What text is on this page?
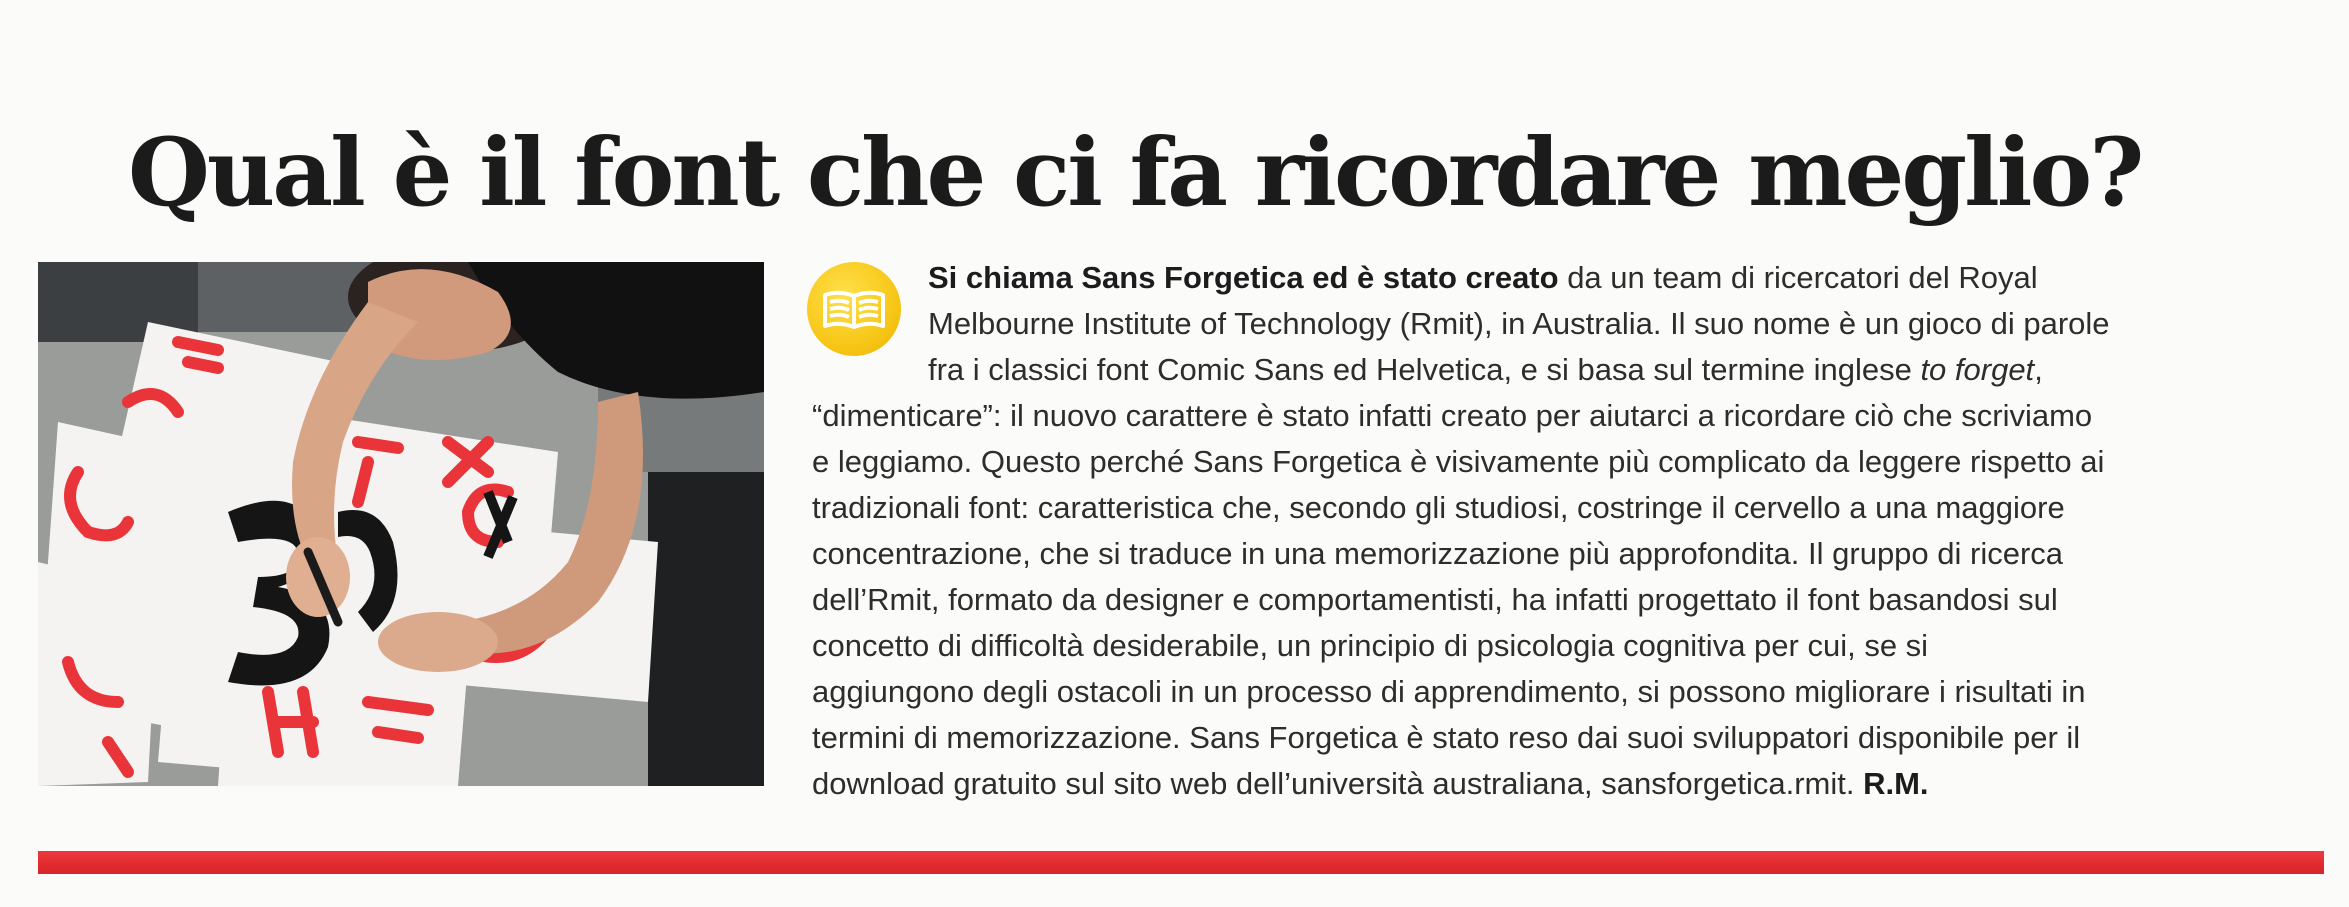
Qual è il font che ci fa ricordare meglio?
Si chiama Sans Forgetica ed è stato creato da un team di ricercatori del Royal
Melbourne Institute of Technology (Rmit), in Australia. Il suo nome è un gioco di parole
fra i classici font Comic Sans ed Helvetica, e si basa sul termine inglese to forget,
“dimenticare”: il nuovo carattere è stato infatti creato per aiutarci a ricordare ciò che scriviamo
e leggiamo. Questo perché Sans Forgetica è visivamente più complicato da leggere rispetto ai
tradizionali font: caratteristica che, secondo gli studiosi, costringe il cervello a una maggiore
concentrazione, che si traduce in una memorizzazione più approfondita. Il gruppo di ricerca
dell’Rmit, formato da designer e comportamentisti, ha infatti progettato il font basandosi sul
concetto di difficoltà desiderabile, un principio di psicologia cognitiva per cui, se si
aggiungono degli ostacoli in un processo di apprendimento, si possono migliorare i risultati in
termini di memorizzazione. Sans Forgetica è stato reso dai suoi sviluppatori disponibile per il
download gratuito sul sito web dell’università australiana, sansforgetica.rmit. R.M.
